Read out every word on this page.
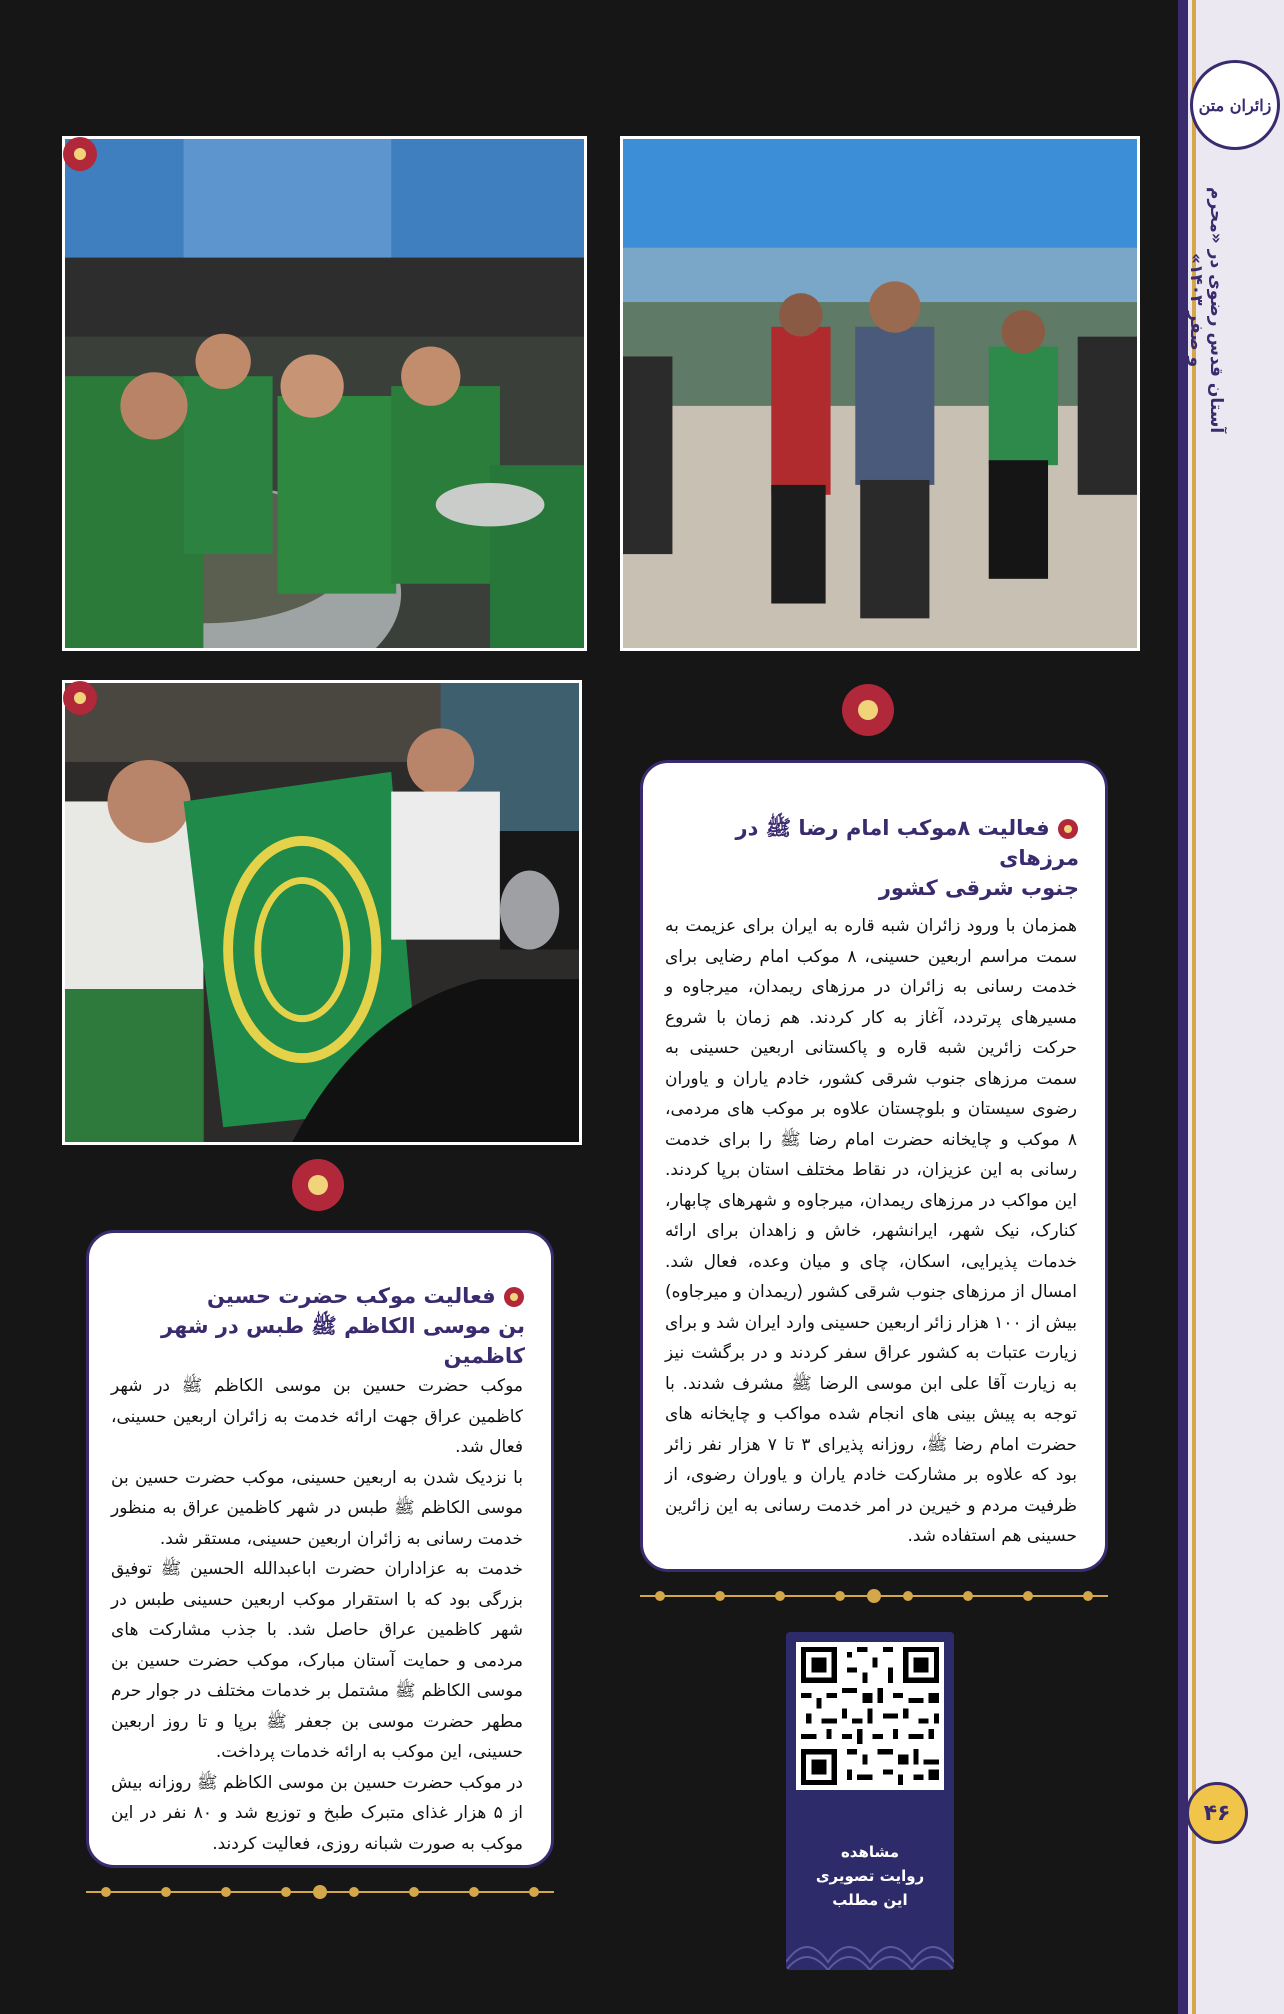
زائران متن
آستان قدس رضوی در «محرم و صفر ۱۴۰۳»
۴۶
فعالیت ۸موکب امام رضا ﷺ در مرزهای
جنوب شرقی کشور

همزمان با ورود زائران شبه قاره به ایران برای عزیمت به سمت مراسم اربعین حسینی، ۸ موکب امام رضایی برای خدمت رسانی به زائران در مرزهای ریمدان، میرجاوه و مسیرهای پرتردد، آغاز به کار کردند. هم زمان با شروع حرکت زائرین شبه قاره و پاکستانی اربعین حسینی به سمت مرزهای جنوب شرقی کشور، خادم یاران و یاوران رضوی سیستان و بلوچستان علاوه بر موکب های مردمی، ۸ موکب و چایخانه حضرت امام رضا ﷺ را برای خدمت رسانی به این عزیزان، در نقاط مختلف استان برپا کردند. این مواکب در مرزهای ریمدان، میرجاوه و شهرهای چابهار، کنارک، نیک شهر، ایرانشهر، خاش و زاهدان برای ارائه خدمات پذیرایی، اسکان، چای و میان وعده، فعال شد. امسال از مرزهای جنوب شرقی کشور (ریمدان و میرجاوه) بیش از ۱۰۰ هزار زائر اربعین حسینی وارد ایران شد و برای زیارت عتبات به کشور عراق سفر کردند و در برگشت نیز به زیارت آقا علی ابن موسی الرضا ﷺ مشرف شدند. با توجه به پیش بینی های انجام شده مواکب و چایخانه های حضرت امام رضا ﷺ، روزانه پذیرای ۳ تا ۷ هزار نفر زائر بود که علاوه بر مشارکت خادم یاران و یاوران رضوی، از ظرفیت مردم و خیرین در امر خدمت رسانی به این زائرین حسینی هم استفاده شد.

فعالیت موکب حضرت حسین
بن موسی الکاظم ﷺ طبس در شهر کاظمین

موکب حضرت حسین بن موسی الکاظم ﷺ در شهر کاظمین عراق جهت ارائه خدمت به زائران اربعین حسینی، فعال شد.

با نزدیک شدن به اربعین حسینی، موکب حضرت حسین بن موسی الکاظم ﷺ طبس در شهر کاظمین عراق به منظور خدمت رسانی به زائران اربعین حسینی، مستقر شد.

خدمت به عزاداران حضرت اباعبدالله الحسین ﷺ توفیق بزرگی بود که با استقرار موکب اربعین حسینی طبس در شهر کاظمین عراق حاصل شد. با جذب مشارکت های مردمی و حمایت آستان مبارک، موکب حضرت حسین بن موسی الکاظم ﷺ مشتمل بر خدمات مختلف در جوار حرم مطهر حضرت موسی بن جعفر ﷺ برپا و تا روز اربعین حسینی، این موکب به ارائه خدمات پرداخت.

در موکب حضرت حسین بن موسی الکاظم ﷺ روزانه بیش از ۵ هزار غذای متبرک طبخ و توزیع شد و ۸۰ نفر در این موکب به صورت شبانه روزی، فعالیت کردند.	مشاهده
روایت تصویری
این مطلب
